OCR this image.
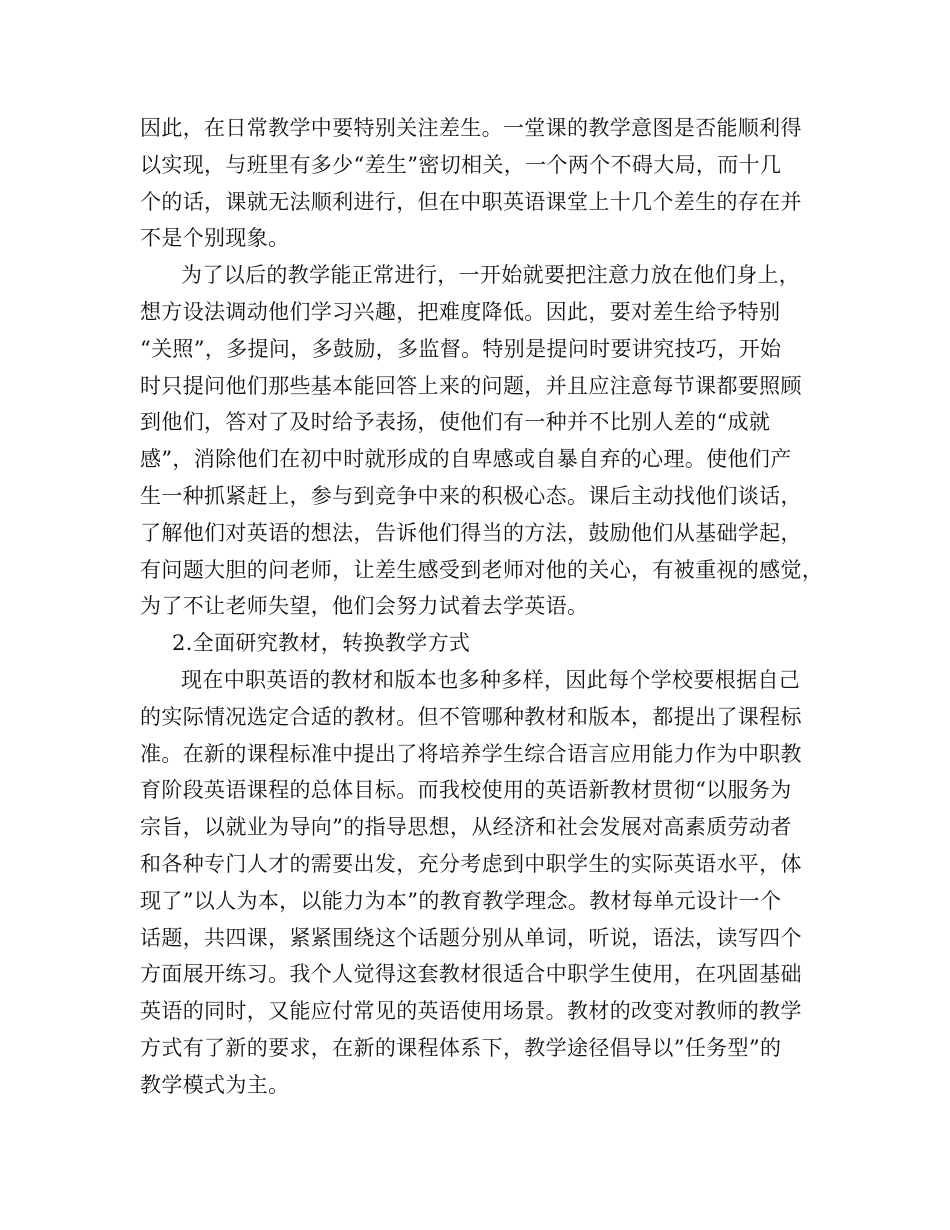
因此，在日常教学中要特别关注差生。一堂课的教学意图是否能顺利得
以实现，与班里有多少“差生”密切相关，一个两个不碍大局，而十几
个的话，课就无法顺利进行，但在中职英语课堂上十几个差生的存在并
不是个别现象。
为了以后的教学能正常进行，一开始就要把注意力放在他们身上，
想方设法调动他们学习兴趣，把难度降低。因此，要对差生给予特别
“关照”，多提问，多鼓励，多监督。特别是提问时要讲究技巧，开始
时只提问他们那些基本能回答上来的问题，并且应注意每节课都要照顾
到他们，答对了及时给予表扬，使他们有一种并不比别人差的“成就
感”，消除他们在初中时就形成的自卑感或自暴自弃的心理。使他们产
生一种抓紧赶上，参与到竞争中来的积极心态。课后主动找他们谈话，
了解他们对英语的想法，告诉他们得当的方法，鼓励他们从基础学起，
有问题大胆的问老师，让差生感受到老师对他的关心，有被重视的感觉，
为了不让老师失望，他们会努力试着去学英语。
2.全面研究教材，转换教学方式
现在中职英语的教材和版本也多种多样，因此每个学校要根据自己
的实际情况选定合适的教材。但不管哪种教材和版本，都提出了课程标
准。在新的课程标准中提出了将培养学生综合语言应用能力作为中职教
育阶段英语课程的总体目标。而我校使用的英语新教材贯彻“以服务为
宗旨，以就业为导向”的指导思想，从经济和社会发展对高素质劳动者
和各种专门人才的需要出发，充分考虑到中职学生的实际英语水平，体
现了”以人为本，以能力为本”的教育教学理念。教材每单元设计一个
话题，共四课，紧紧围绕这个话题分别从单词，听说，语法，读写四个
方面展开练习。我个人觉得这套教材很适合中职学生使用，在巩固基础
英语的同时，又能应付常见的英语使用场景。教材的改变对教师的教学
方式有了新的要求，在新的课程体系下，教学途径倡导以”任务型”的
教学模式为主。
